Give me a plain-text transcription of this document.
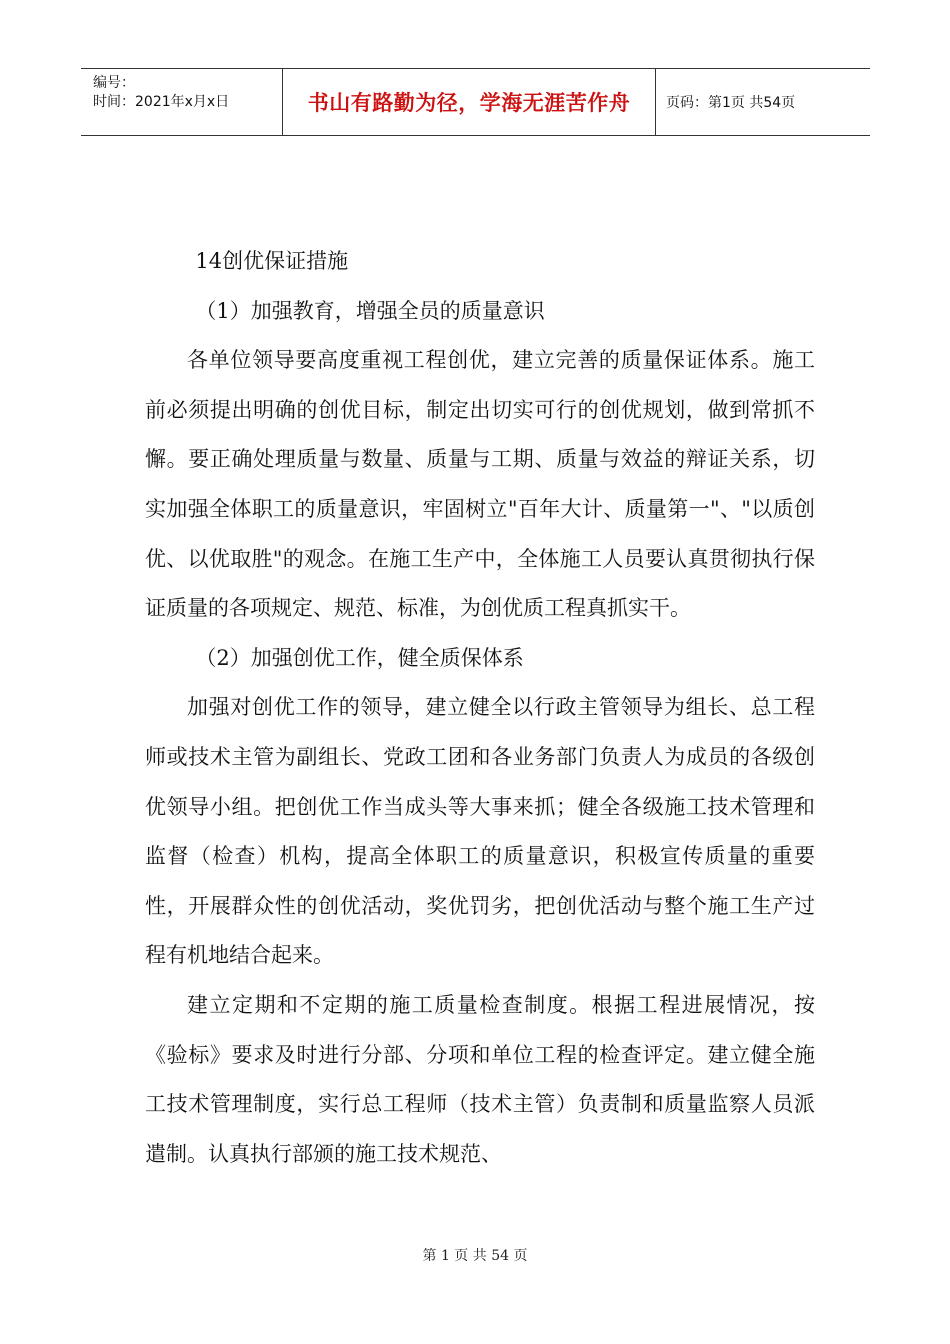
编号：
时间：2021年x月x日	书山有路勤为径，学海无涯苦作舟	页码：第1页 共54页

14创优保证措施

（1）加强教育，增强全员的质量意识

各单位领导要高度重视工程创优，建立完善的质量保证体系。施工前必须提出明确的创优目标，制定出切实可行的创优规划，做到常抓不懈。要正确处理质量与数量、质量与工期、质量与效益的辩证关系，切实加强全体职工的质量意识，牢固树立"百年大计、质量第一"、"以质创优、以优取胜"的观念。在施工生产中，全体施工人员要认真贯彻执行保证质量的各项规定、规范、标准，为创优质工程真抓实干。

（2）加强创优工作，健全质保体系

加强对创优工作的领导，建立健全以行政主管领导为组长、总工程师或技术主管为副组长、党政工团和各业务部门负责人为成员的各级创优领导小组。把创优工作当成头等大事来抓；健全各级施工技术管理和监督（检查）机构，提高全体职工的质量意识，积极宣传质量的重要性，开展群众性的创优活动，奖优罚劣，把创优活动与整个施工生产过程有机地结合起来。

建立定期和不定期的施工质量检查制度。根据工程进展情况，按《验标》要求及时进行分部、分项和单位工程的检查评定。建立健全施工技术管理制度，实行总工程师（技术主管）负责制和质量监察人员派遣制。认真执行部颁的施工技术规范、

第 1 页 共 54 页
